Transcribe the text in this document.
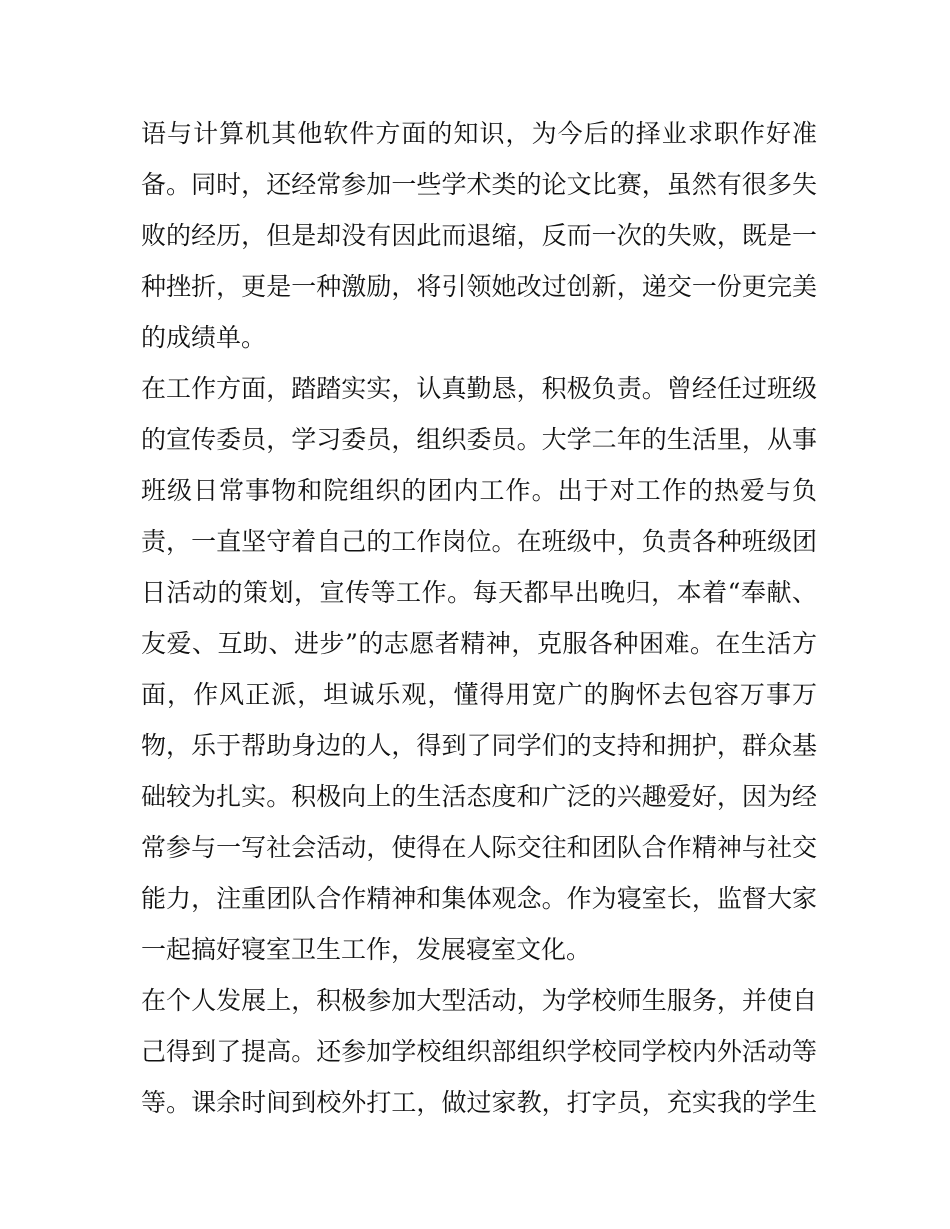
语与计算机其他软件方面的知识，为今后的择业求职作好准
备。同时，还经常参加一些学术类的论文比赛，虽然有很多失
败的经历，但是却没有因此而退缩，反而一次的失败，既是一
种挫折，更是一种激励，将引领她改过创新，递交一份更完美
的成绩单。
在工作方面，踏踏实实，认真勤恳，积极负责。曾经任过班级
的宣传委员，学习委员，组织委员。大学二年的生活里，从事
班级日常事物和院组织的团内工作。出于对工作的热爱与负
责，一直坚守着自己的工作岗位。在班级中，负责各种班级团
日活动的策划，宣传等工作。每天都早出晚归，本着“奉献、
友爱、互助、进步”的志愿者精神，克服各种困难。在生活方
面，作风正派，坦诚乐观，懂得用宽广的胸怀去包容万事万
物，乐于帮助身边的人，得到了同学们的支持和拥护，群众基
础较为扎实。积极向上的生活态度和广泛的兴趣爱好，因为经
常参与一写社会活动，使得在人际交往和团队合作精神与社交
能力，注重团队合作精神和集体观念。作为寝室长，监督大家
一起搞好寝室卫生工作，发展寝室文化。
在个人发展上，积极参加大型活动，为学校师生服务，并使自
己得到了提高。还参加学校组织部组织学校同学校内外活动等
等。课余时间到校外打工，做过家教，打字员，充实我的学生
